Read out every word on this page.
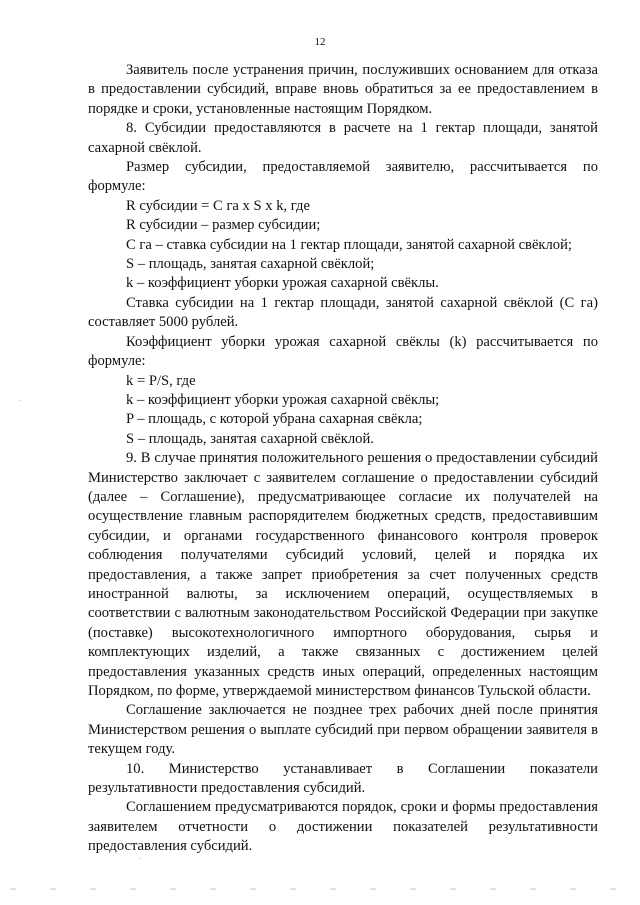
12

Заявитель после устранения причин, послуживших основанием для отказа в предоставлении субсидий, вправе вновь обратиться за ее предоставлением в порядке и сроки, установленные настоящим Порядком.

8. Субсидии предоставляются в расчете на 1 гектар площади, занятой сахарной свёклой.

Размер субсидии, предоставляемой заявителю, рассчитывается по формуле:

R субсидии = C га x S x k, где

R субсидии – размер субсидии;

C га – ставка субсидии на 1 гектар площади, занятой сахарной свёклой;

S – площадь, занятая сахарной свёклой;

k – коэффициент уборки урожая сахарной свёклы.

Ставка субсидии на 1 гектар площади, занятой сахарной свёклой (C га) составляет 5000 рублей.

Коэффициент уборки урожая сахарной свёклы (k) рассчитывается по формуле:

k = P/S, где

k – коэффициент уборки урожая сахарной свёклы;

P – площадь, с которой убрана сахарная свёкла;

S – площадь, занятая сахарной свёклой.

9. В случае принятия положительного решения о предоставлении субсидий Министерство заключает с заявителем соглашение о предоставлении субсидий (далее – Соглашение), предусматривающее согласие их получателей на осуществление главным распорядителем бюджетных средств, предоставившим субсидии, и органами государственного финансового контроля проверок соблюдения получателями субсидий условий, целей и порядка их предоставления, а также запрет приобретения за счет полученных средств иностранной валюты, за исключением операций, осуществляемых в соответствии с валютным законодательством Российской Федерации при закупке (поставке) высокотехнологичного импортного оборудования, сырья и комплектующих изделий, а также связанных с достижением целей предоставления указанных средств иных операций, определенных настоящим Порядком, по форме, утверждаемой министерством финансов Тульской области.

Соглашение заключается не позднее трех рабочих дней после принятия Министерством решения о выплате субсидий при первом обращении заявителя в текущем году.

10. Министерство устанавливает в Соглашении показатели результативности предоставления субсидий.

Соглашением предусматриваются порядок, сроки и формы предоставления заявителем отчетности о достижении показателей результативности предоставления субсидий.
